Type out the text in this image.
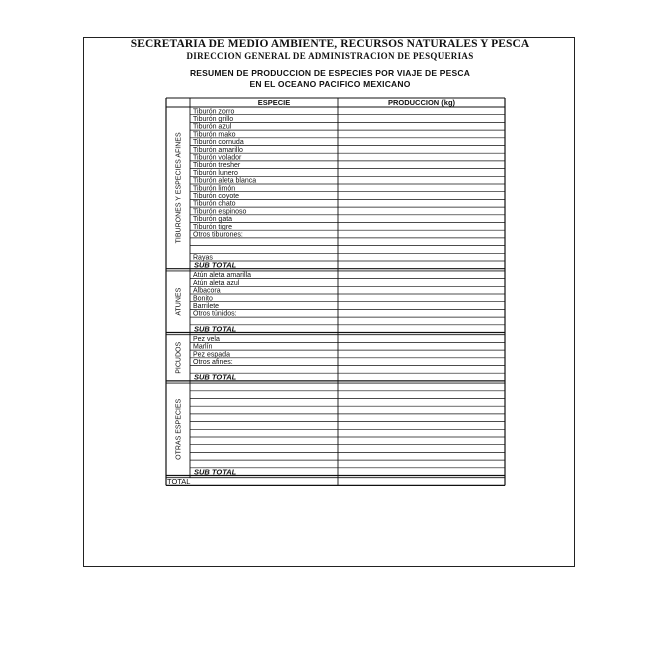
SECRETARIA DE MEDIO AMBIENTE, RECURSOS NATURALES Y PESCA
DIRECCION GENERAL DE ADMINISTRACION DE PESQUERIAS
RESUMEN DE PRODUCCION DE ESPECIES POR VIAJE DE PESCA
EN EL OCEANO PACIFICO MEXICANO
ESPECIE	PRODUCCION (kg)
Tiburón zorro
Tiburón grillo
Tiburón azul
Tiburón mako
Tiburón cornuda
Tiburón amarillo
Tiburón volador
Tiburón tresher
Tiburón lunero
Tiburón aleta blanca
Tiburón limón
Tiburón coyote
Tiburón chato
Tiburón espinoso
Tiburón gata
Tiburón tigre
Otros tiburones:
Rayas
SUB TOTAL
TIBURONES Y ESPECIES AFINES
Atún aleta amarilla
Atún aleta azul
Albacora
Bonito
Barrilete
Otros túnidos:
SUB TOTAL
ATUNES
Pez vela
Marlín
Pez espada
Otros afines:
SUB TOTAL
PICUDOS
SUB TOTAL
OTRAS ESPECIES
TOTAL
